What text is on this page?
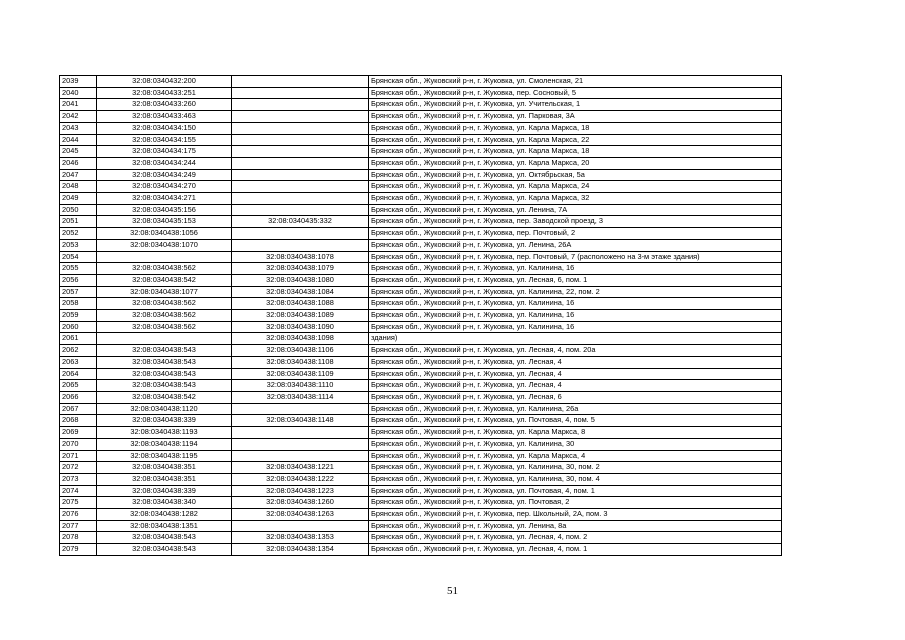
2039	32:08:0340432:200		Брянская обл., Жуковский р-н, г. Жуковка, ул. Смоленская, 21
2040	32:08:0340433:251		Брянская обл., Жуковский р-н, г. Жуковка, пер. Сосновый, 5
2041	32:08:0340433:260		Брянская обл., Жуковский р-н, г. Жуковка, ул. Учительская, 1
2042	32:08:0340433:463		Брянская обл., Жуковский р-н, г. Жуковка, ул. Парковая, 3А
2043	32:08:0340434:150		Брянская обл., Жуковский р-н, г. Жуковка, ул. Карла Маркса, 18
2044	32:08:0340434:155		Брянская обл., Жуковский р-н, г. Жуковка, ул. Карла Маркса, 22
2045	32:08:0340434:175		Брянская обл., Жуковский р-н, г. Жуковка, ул. Карла Маркса, 18
2046	32:08:0340434:244		Брянская обл., Жуковский р-н, г. Жуковка, ул. Карла Маркса, 20
2047	32:08:0340434:249		Брянская обл., Жуковский р-н, г. Жуковка, ул. Октябрьская, 5а
2048	32:08:0340434:270		Брянская обл., Жуковский р-н, г. Жуковка, ул. Карла Маркса, 24
2049	32:08:0340434:271		Брянская обл., Жуковский р-н, г. Жуковка, ул. Карла Маркса, 32
2050	32:08:0340435:156		Брянская обл., Жуковский р-н, г. Жуковка, ул. Ленина, 7А
2051	32:08:0340435:153	32:08:0340435:332	Брянская обл., Жуковский р-н, г. Жуковка, пер. Заводской проезд, 3
2052	32:08:0340438:1056		Брянская обл., Жуковский р-н, г. Жуковка, пер. Почтовый, 2
2053	32:08:0340438:1070		Брянская обл., Жуковский р-н, г. Жуковка, ул. Ленина, 26А
2054		32:08:0340438:1078	Брянская обл., Жуковский р-н, г. Жуковка, пер. Почтовый, 7 (расположено на 3-м этаже здания)
2055	32:08:0340438:562	32:08:0340438:1079	Брянская обл., Жуковский р-н, г. Жуковка, ул. Калинина, 16
2056	32:08:0340438:542	32:08:0340438:1080	Брянская обл., Жуковский р-н, г. Жуковка, ул. Лесная, 6, пом. 1
2057	32:08:0340438:1077	32:08:0340438:1084	Брянская обл., Жуковский р-н, г. Жуковка, ул. Калинина, 22, пом. 2
2058	32:08:0340438:562	32:08:0340438:1088	Брянская обл., Жуковский р-н, г. Жуковка, ул. Калинина, 16
2059	32:08:0340438:562	32:08:0340438:1089	Брянская обл., Жуковский р-н, г. Жуковка, ул. Калинина, 16
2060	32:08:0340438:562	32:08:0340438:1090	Брянская обл., Жуковский р-н, г. Жуковка, ул. Калинина, 16
2061		32:08:0340438:1098	здания)
2062	32:08:0340438:543	32:08:0340438:1106	Брянская обл., Жуковский р-н, г. Жуковка, ул. Лесная, 4, пом. 20а
2063	32:08:0340438:543	32:08:0340438:1108	Брянская обл., Жуковский р-н, г. Жуковка, ул. Лесная, 4
2064	32:08:0340438:543	32:08:0340438:1109	Брянская обл., Жуковский р-н, г. Жуковка, ул. Лесная, 4
2065	32:08:0340438:543	32:08:0340438:1110	Брянская обл., Жуковский р-н, г. Жуковка, ул. Лесная, 4
2066	32:08:0340438:542	32:08:0340438:1114	Брянская обл., Жуковский р-н, г. Жуковка, ул. Лесная, 6
2067	32:08:0340438:1120		Брянская обл., Жуковский р-н, г. Жуковка, ул. Калинина, 26а
2068	32:08:0340438:339	32:08:0340438:1148	Брянская обл., Жуковский р-н, г. Жуковка, ул. Почтовая, 4, пом. 5
2069	32:08:0340438:1193		Брянская обл., Жуковский р-н, г. Жуковка, ул. Карла Маркса, 8
2070	32:08:0340438:1194		Брянская обл., Жуковский р-н, г. Жуковка, ул. Калинина, 30
2071	32:08:0340438:1195		Брянская обл., Жуковский р-н, г. Жуковка, ул. Карла Маркса, 4
2072	32:08:0340438:351	32:08:0340438:1221	Брянская обл., Жуковский р-н, г. Жуковка, ул. Калинина, 30, пом. 2
2073	32:08:0340438:351	32:08:0340438:1222	Брянская обл., Жуковский р-н, г. Жуковка, ул. Калинина, 30, пом. 4
2074	32:08:0340438:339	32:08:0340438:1223	Брянская обл., Жуковский р-н, г. Жуковка, ул. Почтовая, 4, пом. 1
2075	32:08:0340438:340	32:08:0340438:1260	Брянская обл., Жуковский р-н, г. Жуковка, ул. Почтовая, 2
2076	32:08:0340438:1282	32:08:0340438:1263	Брянская обл., Жуковский р-н, г. Жуковка, пер. Школьный, 2А, пом. 3
2077	32:08:0340438:1351		Брянская обл., Жуковский р-н, г. Жуковка, ул. Ленина, 8а
2078	32:08:0340438:543	32:08:0340438:1353	Брянская обл., Жуковский р-н, г. Жуковка, ул. Лесная, 4, пом. 2
2079	32:08:0340438:543	32:08:0340438:1354	Брянская обл., Жуковский р-н, г. Жуковка, ул. Лесная, 4, пом. 1
51
